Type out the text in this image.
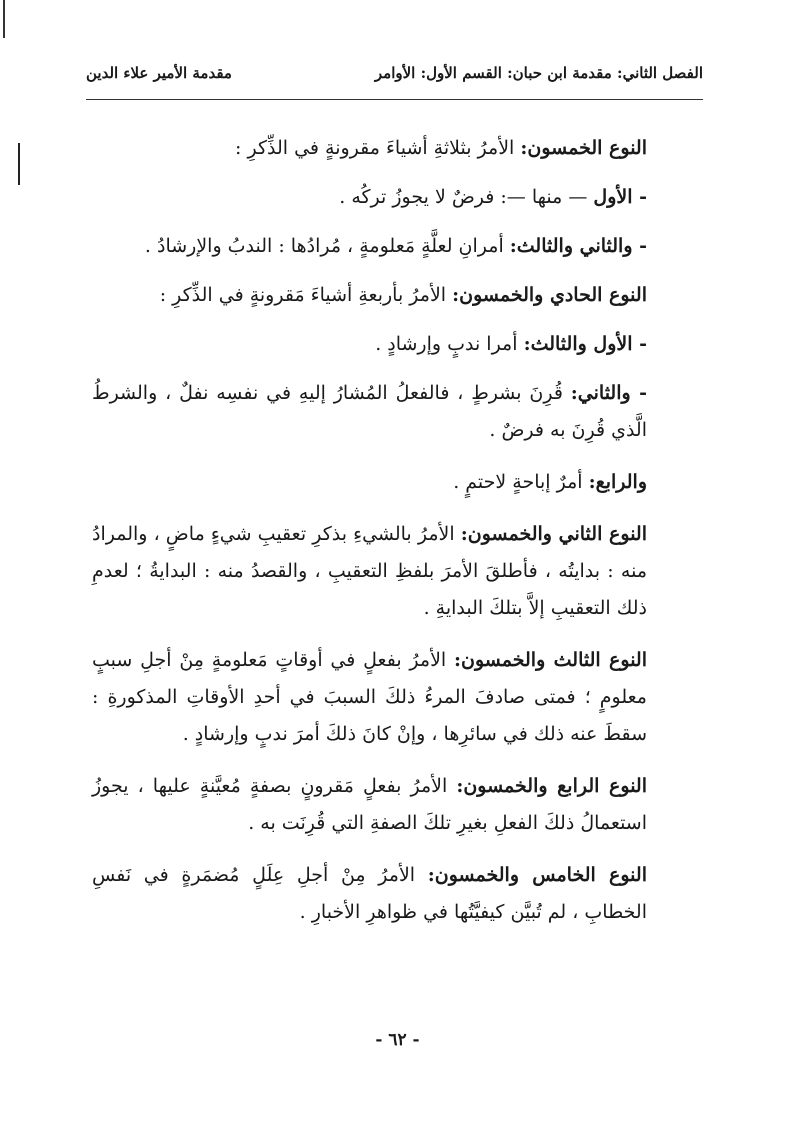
الفصل الثاني: مقدمة ابن حبان: القسم الأول: الأوامر
مقدمة الأمير علاء الدين

النوع الخمسون: الأمرُ بثلاثةِ أشياءَ مقرونةٍ في الذِّكرِ :

- الأول — منها —: فرضٌ لا يجوزُ تركُه .

- والثاني والثالث: أمرانِ لعلَّةٍ مَعلومةٍ ، مُرادُها : الندبُ والإرشادُ .

النوع الحادي والخمسون: الأمرُ بأربعةِ أشياءَ مَقرونةٍ في الذِّكرِ :

- الأول والثالث: أمرا ندبٍ وإرشادٍ .

- والثاني: قُرِنَ بشرطٍ ، فالفعلُ المُشارُ إليهِ في نفسِه نفلٌ ، والشرطُ الَّذي قُرِنَ به فرضٌ .

والرابع: أمرٌ إباحةٍ لاحتمٍ .

النوع الثاني والخمسون: الأمرُ بالشيءِ بذكرِ تعقيبِ شيءٍ ماضٍ ، والمرادُ منه : بدايتُه ، فأطلقَ الأمرَ بلفظِ التعقيبِ ، والقصدُ منه : البدايةُ ؛ لعدمِ ذلك التعقيبِ إلاَّ بتلكَ البدايةِ .

النوع الثالث والخمسون: الأمرُ بفعلٍ في أوقاتٍ مَعلومةٍ مِنْ أجلِ سببٍ معلومٍ ؛ فمتى صادفَ المرءُ ذلكَ السببَ في أحدِ الأوقاتِ المذكورةِ : سقطَ عنه ذلك في سائرِها ، وإنْ كانَ ذلكَ أمرَ ندبٍ وإرشادٍ .

النوع الرابع والخمسون: الأمرُ بفعلٍ مَقرونٍ بصفةٍ مُعيَّنةٍ عليها ، يجوزُ استعمالُ ذلكَ الفعلِ بغيرِ تلكَ الصفةِ التي قُرِنَت به .

النوع الخامس والخمسون: الأمرُ مِنْ أجلِ عِلَلٍ مُضمَرةٍ في نَفسِ الخطابِ ، لم تُبيَّن كيفيَّتُها في ظواهرِ الأخبارِ .

- ٦٢ -
